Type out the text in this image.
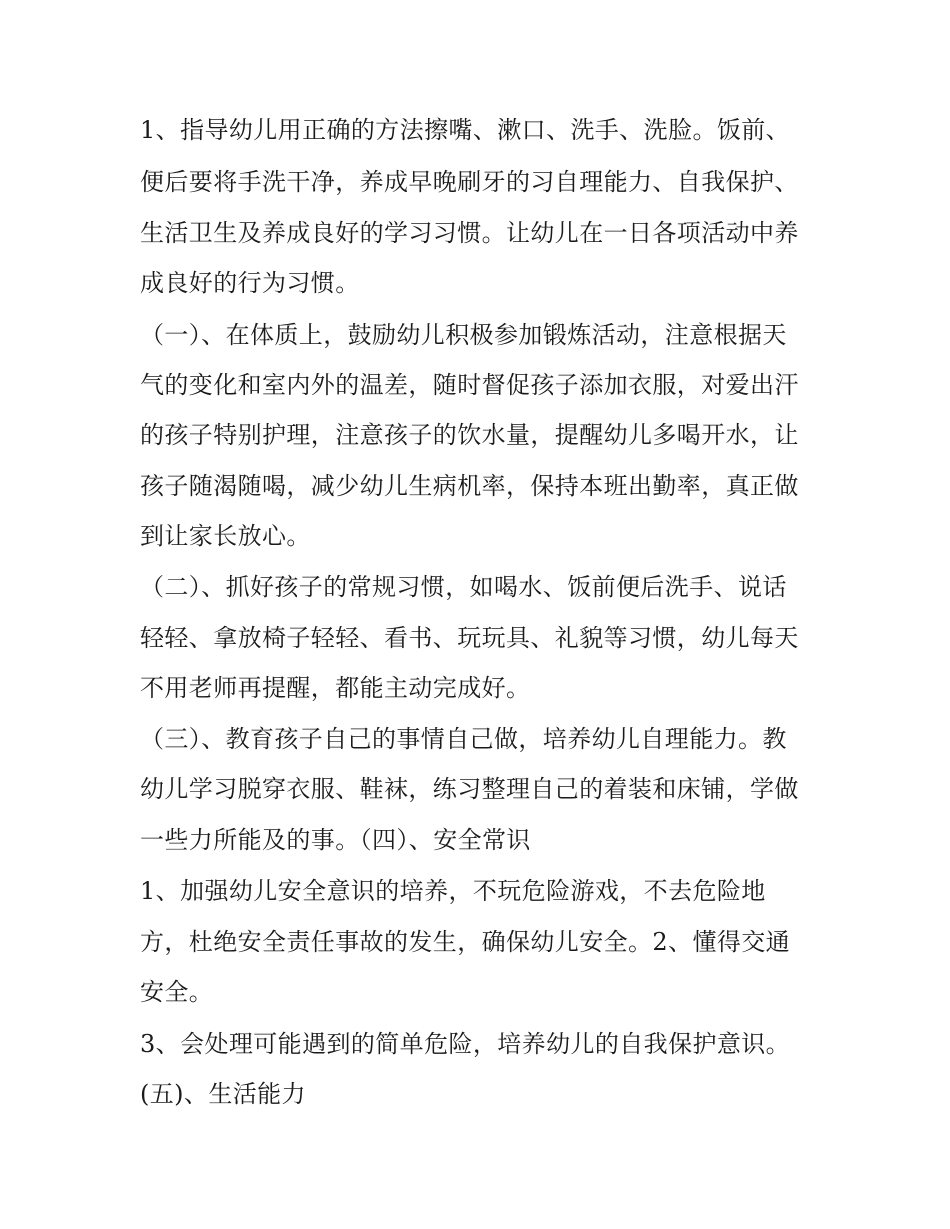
1、指导幼儿用正确的方法擦嘴、漱口、洗手、洗脸。饭前、
便后要将手洗干净，养成早晚刷牙的习自理能力、自我保护、
生活卫生及养成良好的学习习惯。让幼儿在一日各项活动中养
成良好的行为习惯。
（一）、在体质上，鼓励幼儿积极参加锻炼活动，注意根据天
气的变化和室内外的温差，随时督促孩子添加衣服，对爱出汗
的孩子特别护理，注意孩子的饮水量，提醒幼儿多喝开水，让
孩子随渴随喝，减少幼儿生病机率，保持本班出勤率，真正做
到让家长放心。
（二）、抓好孩子的常规习惯，如喝水、饭前便后洗手、说话
轻轻、拿放椅子轻轻、看书、玩玩具、礼貌等习惯，幼儿每天
不用老师再提醒，都能主动完成好。
（三）、教育孩子自己的事情自己做，培养幼儿自理能力。教
幼儿学习脱穿衣服、鞋袜，练习整理自己的着装和床铺，学做
一些力所能及的事。（四）、安全常识
1、加强幼儿安全意识的培养，不玩危险游戏，不去危险地
方，杜绝安全责任事故的发生，确保幼儿安全。2、懂得交通
安全。
3、会处理可能遇到的简单危险，培养幼儿的自我保护意识。
(五)、生活能力
